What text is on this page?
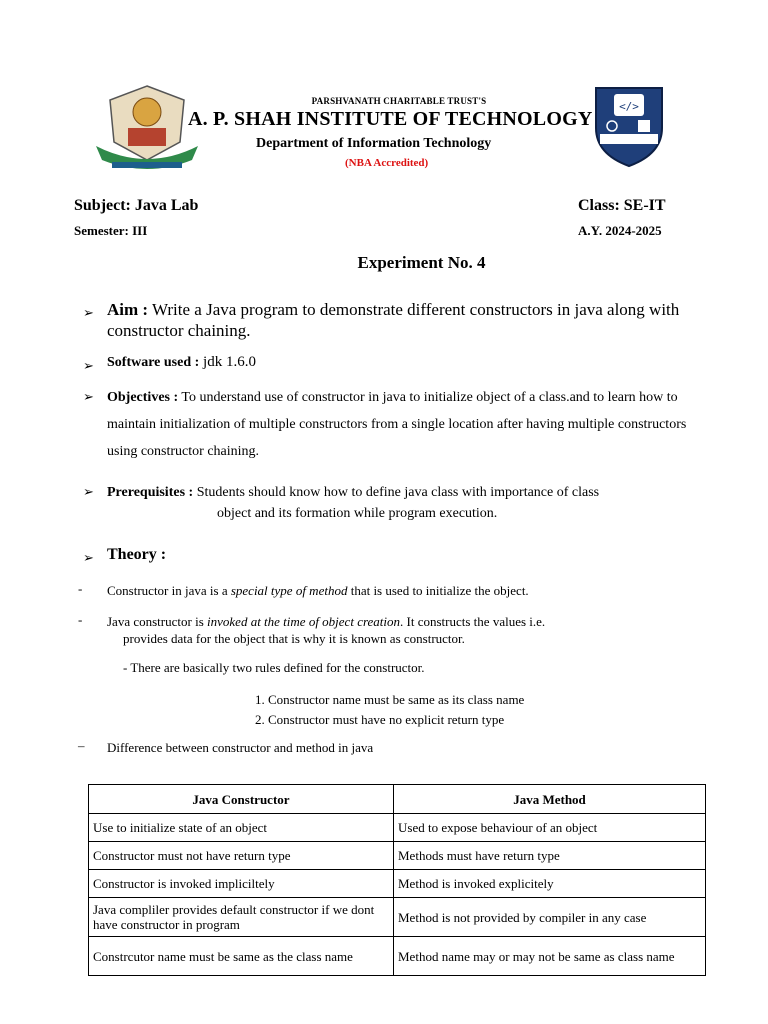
</>
PARSHVANATH CHARITABLE TRUST'S
A. P. SHAH INSTITUTE OF TECHNOLOGY
Department of Information Technology
(NBA Accredited)
Subject: Java Lab	Class: SE-IT
Semester: III	A.Y. 2024-2025
Experiment No. 4
➢ Aim : Write a Java program to demonstrate different constructors in java along with constructor chaining.
➢ Software used : jdk 1.6.0
➢ Objectives : To understand use of constructor in java to initialize object of a class.and to learn how to maintain initialization of multiple constructors from a single location after having multiple constructors using constructor chaining.
➢ Prerequisites : Students should know how to define java class with importance of class
object and its formation while program execution.
➢ Theory :
- Constructor in java is a special type of method that is used to initialize the object.
- Java constructor is invoked at the time of object creation. It constructs the values i.e.
provides data for the object that is why it is known as constructor.
- There are basically two rules defined for the constructor.
1. Constructor name must be same as its class name
2. Constructor must have no explicit return type
– Difference between constructor and method in java
Java Constructor	Java Method
Use to initialize state of an object	Used to expose behaviour of an object
Constructor must not have return type	Methods must have return type
Constructor is invoked impliciltely	Method is invoked explicitely
Java compliler provides default constructor if we dont have constructor in program	Method is not provided by compiler in any case
Constrcutor name must be same as the class name	Method name may or may not be same as class name
